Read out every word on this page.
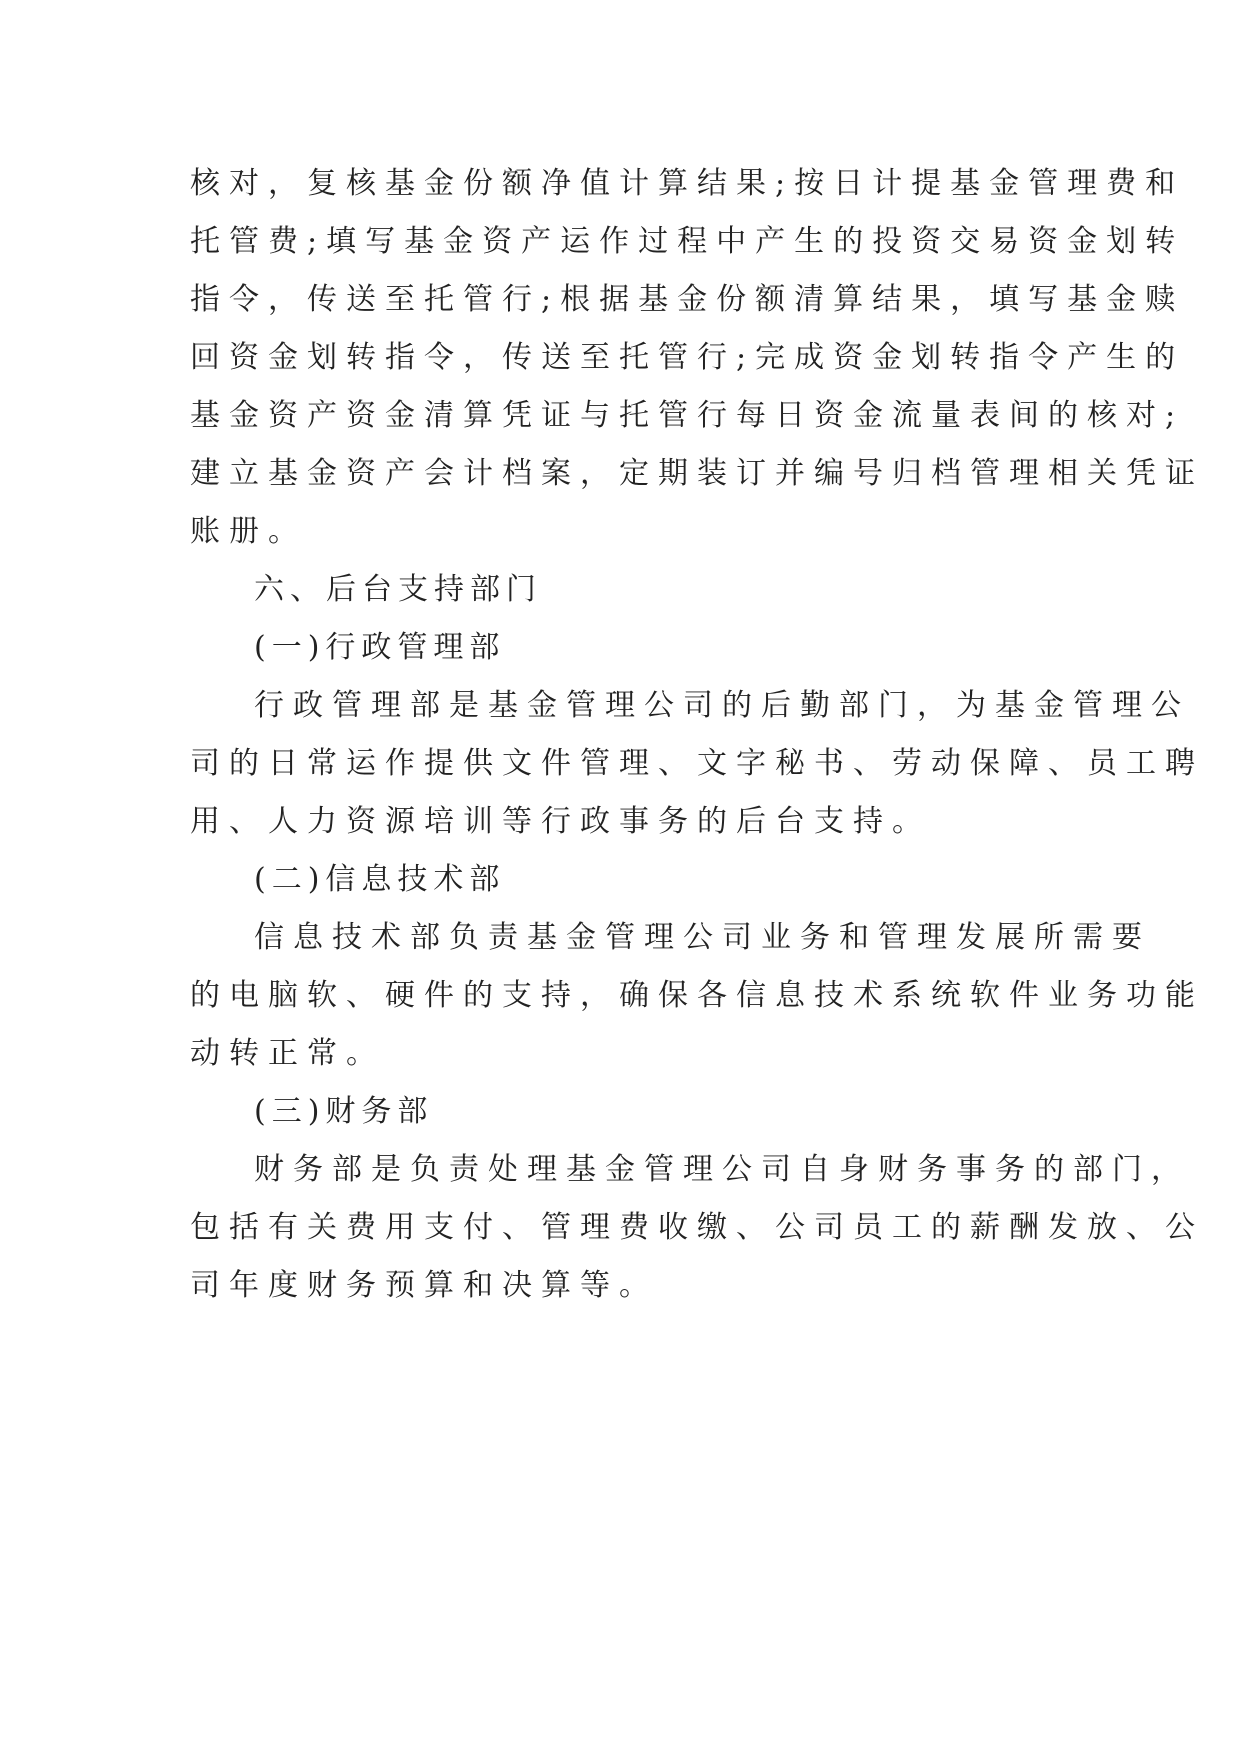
核对，复核基金份额净值计算结果;按日计提基金管理费和
托管费;填写基金资产运作过程中产生的投资交易资金划转
指令，传送至托管行;根据基金份额清算结果，填写基金赎
回资金划转指令，传送至托管行;完成资金划转指令产生的
基金资产资金清算凭证与托管行每日资金流量表间的核对;
建立基金资产会计档案，定期装订并编号归档管理相关凭证
账册。
六、后台支持部门
(一)行政管理部
行政管理部是基金管理公司的后勤部门，为基金管理公
司的日常运作提供文件管理、文字秘书、劳动保障、员工聘
用、人力资源培训等行政事务的后台支持。
(二)信息技术部
信息技术部负责基金管理公司业务和管理发展所需要
的电脑软、硬件的支持，确保各信息技术系统软件业务功能
动转正常。
(三)财务部
财务部是负责处理基金管理公司自身财务事务的部门，
包括有关费用支付、管理费收缴、公司员工的薪酬发放、公
司年度财务预算和决算等。
